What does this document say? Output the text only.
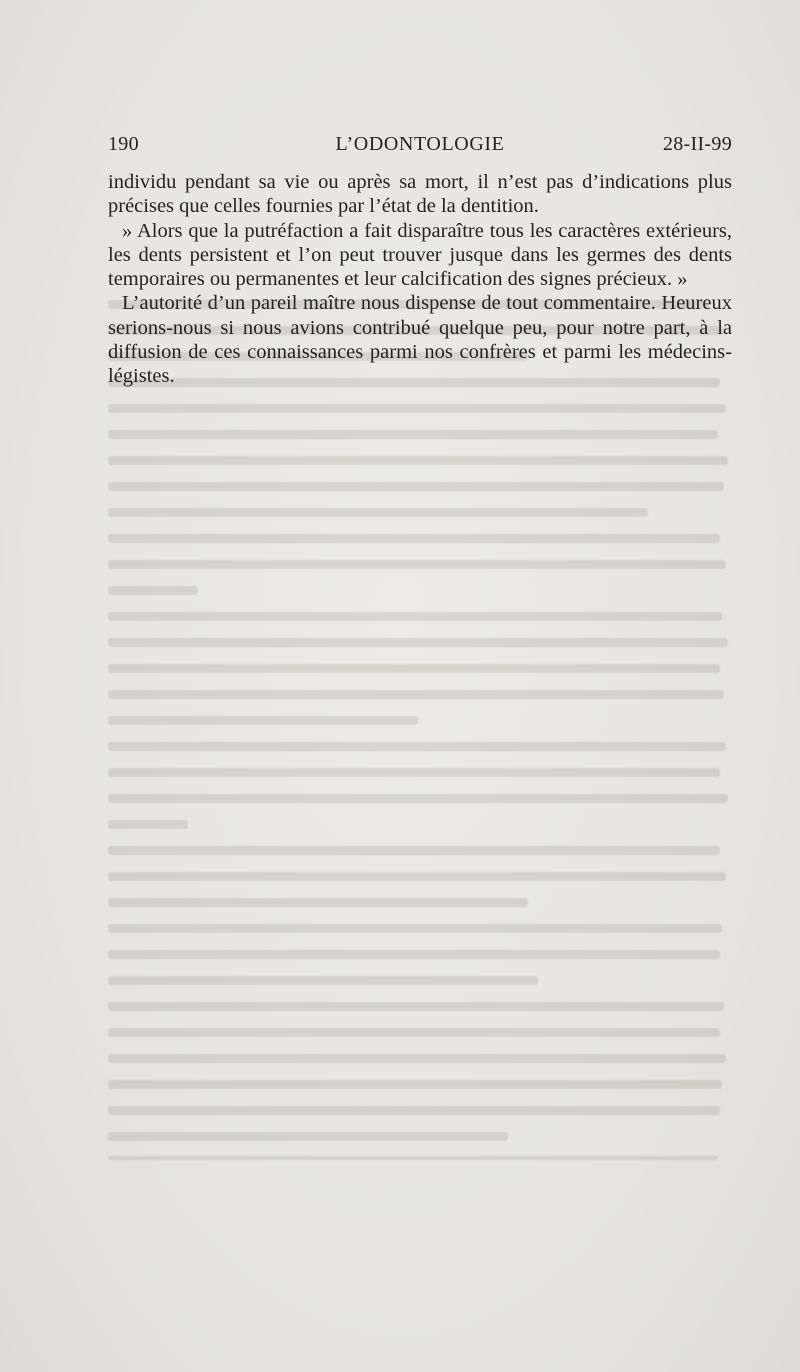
190	L’ODONTOLOGIE	28-II-99

individu pendant sa vie ou après sa mort, il n’est pas d’indications plus précises que celles fournies par l’état de la dentition.

» Alors que la putréfaction a fait disparaître tous les caractères extérieurs, les dents persistent et l’on peut trouver jusque dans les germes des dents temporaires ou permanentes et leur calcification des signes précieux. »

L’autorité d’un pareil maître nous dispense de tout commentaire. Heureux serions-nous si nous avions contribué quelque peu, pour notre part, à la diffusion de ces connaissances parmi nos confrères et parmi les médecins-légistes.
